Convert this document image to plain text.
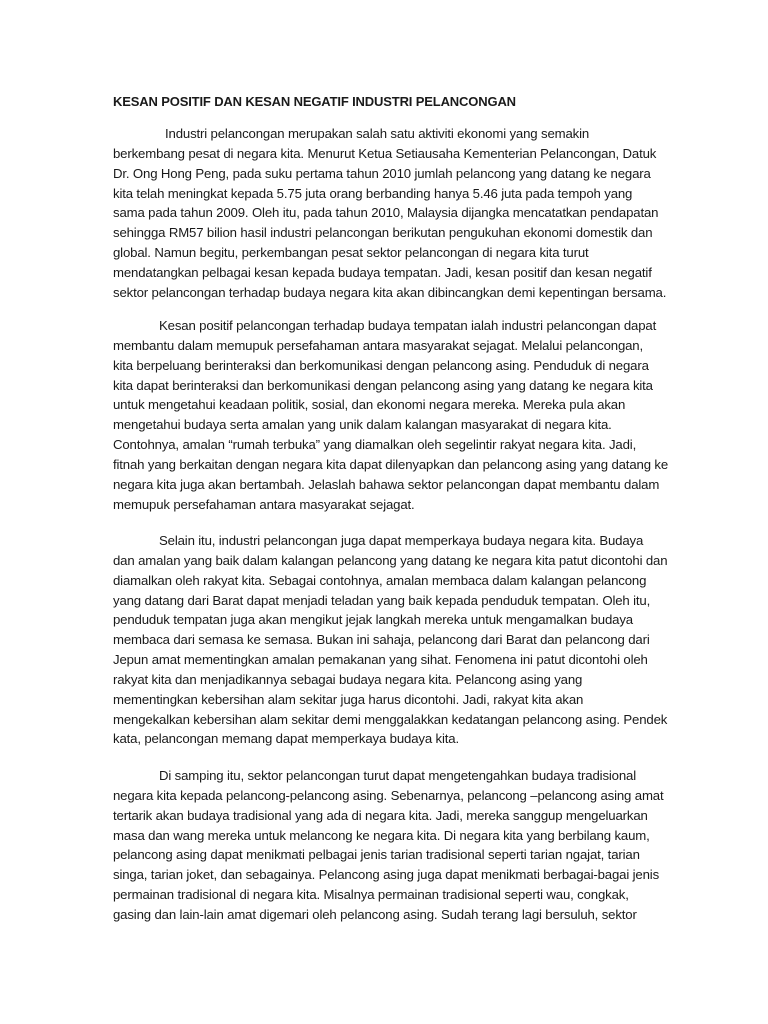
KESAN POSITIF DAN KESAN NEGATIF INDUSTRI PELANCONGAN

Industri pelancongan merupakan salah satu aktiviti ekonomi yang semakin
berkembang pesat di negara kita. Menurut Ketua Setiausaha Kementerian Pelancongan, Datuk
Dr. Ong Hong Peng, pada suku pertama tahun 2010 jumlah pelancong yang datang ke negara
kita telah meningkat kepada 5.75 juta orang berbanding hanya 5.46 juta pada tempoh yang
sama pada tahun 2009. Oleh itu, pada tahun 2010, Malaysia dijangka mencatatkan pendapatan
sehingga RM57 bilion hasil industri pelancongan berikutan pengukuhan ekonomi domestik dan
global. Namun begitu, perkembangan pesat sektor pelancongan di negara kita turut
mendatangkan pelbagai kesan kepada budaya tempatan. Jadi, kesan positif dan kesan negatif
sektor pelancongan terhadap budaya negara kita akan dibincangkan demi kepentingan bersama.

Kesan positif pelancongan terhadap budaya tempatan ialah industri pelancongan dapat
membantu dalam memupuk persefahaman antara masyarakat sejagat. Melalui pelancongan,
kita berpeluang berinteraksi dan berkomunikasi dengan pelancong asing. Penduduk di negara
kita dapat berinteraksi dan berkomunikasi dengan pelancong asing yang datang ke negara kita
untuk mengetahui keadaan politik, sosial, dan ekonomi negara mereka. Mereka pula akan
mengetahui budaya serta amalan yang unik dalam kalangan masyarakat di negara kita.
Contohnya, amalan “rumah terbuka” yang diamalkan oleh segelintir rakyat negara kita. Jadi,
fitnah yang berkaitan dengan negara kita dapat dilenyapkan dan pelancong asing yang datang ke
negara kita juga akan bertambah. Jelaslah bahawa sektor pelancongan dapat membantu dalam
memupuk persefahaman antara masyarakat sejagat.

Selain itu, industri pelancongan juga dapat memperkaya budaya negara kita. Budaya
dan amalan yang baik dalam kalangan pelancong yang datang ke negara kita patut dicontohi dan
diamalkan oleh rakyat kita. Sebagai contohnya, amalan membaca dalam kalangan pelancong
yang datang dari Barat dapat menjadi teladan yang baik kepada penduduk tempatan. Oleh itu,
penduduk tempatan juga akan mengikut jejak langkah mereka untuk mengamalkan budaya
membaca dari semasa ke semasa. Bukan ini sahaja, pelancong dari Barat dan pelancong dari
Jepun amat mementingkan amalan pemakanan yang sihat. Fenomena ini patut dicontohi oleh
rakyat kita dan menjadikannya sebagai budaya negara kita. Pelancong asing yang
mementingkan kebersihan alam sekitar juga harus dicontohi. Jadi, rakyat kita akan
mengekalkan kebersihan alam sekitar demi menggalakkan kedatangan pelancong asing. Pendek
kata, pelancongan memang dapat memperkaya budaya kita.

Di samping itu, sektor pelancongan turut dapat mengetengahkan budaya tradisional
negara kita kepada pelancong-pelancong asing. Sebenarnya, pelancong –pelancong asing amat
tertarik akan budaya tradisional yang ada di negara kita. Jadi, mereka sanggup mengeluarkan
masa dan wang mereka untuk melancong ke negara kita. Di negara kita yang berbilang kaum,
pelancong asing dapat menikmati pelbagai jenis tarian tradisional seperti tarian ngajat, tarian
singa, tarian joket, dan sebagainya. Pelancong asing juga dapat menikmati berbagai-bagai jenis
permainan tradisional di negara kita. Misalnya permainan tradisional seperti wau, congkak,
gasing dan lain-lain amat digemari oleh pelancong asing. Sudah terang lagi bersuluh, sektor
